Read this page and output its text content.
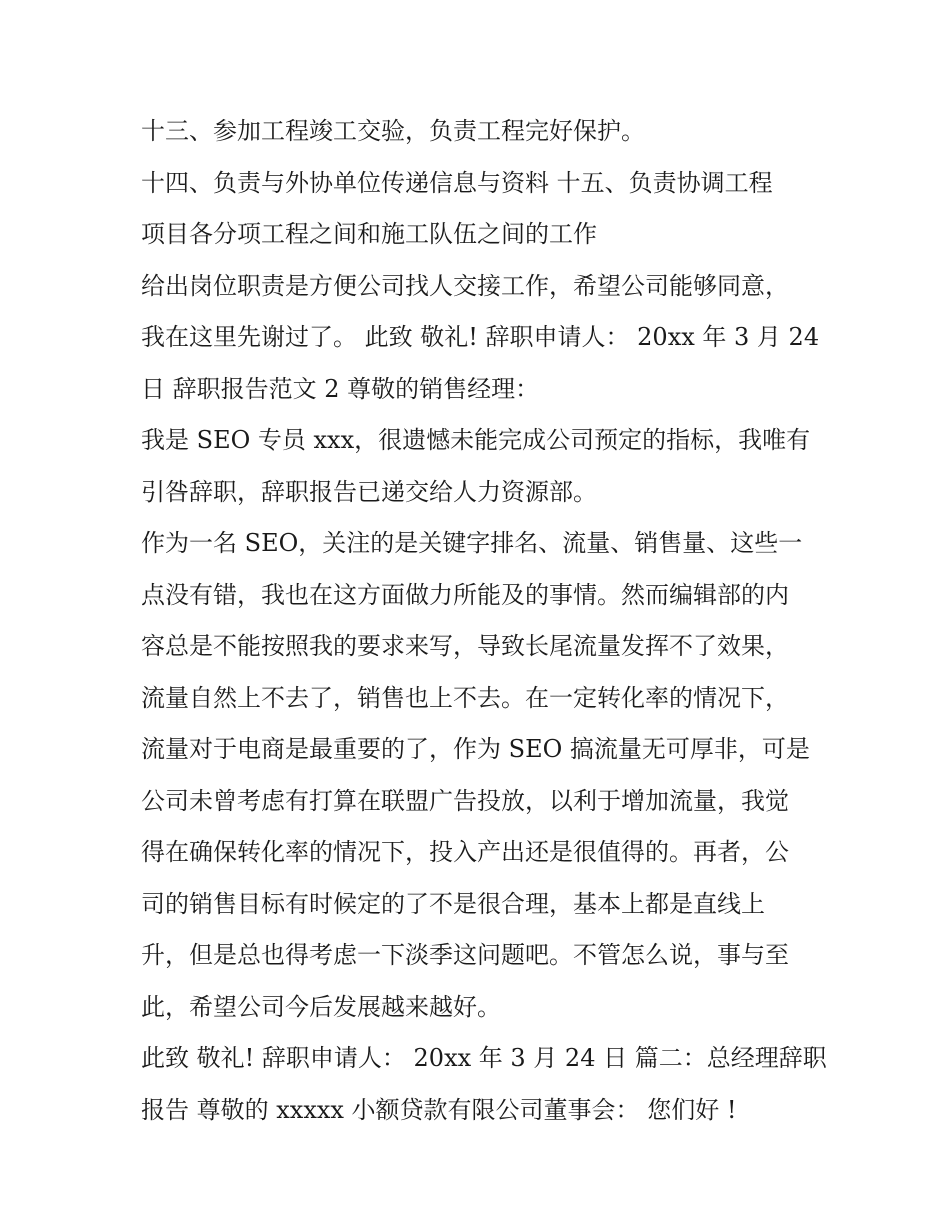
十三、参加工程竣工交验，负责工程完好保护。

十四、负责与外协单位传递信息与资料 十五、负责协调工程

项目各分项工程之间和施工队伍之间的工作

给出岗位职责是方便公司找人交接工作，希望公司能够同意，

我在这里先谢过了。 此致 敬礼! 辞职申请人： 20xx 年 3 月 24

日 辞职报告范文 2 尊敬的销售经理：

我是 SEO 专员 xxx，很遗憾未能完成公司预定的指标，我唯有

引咎辞职，辞职报告已递交给人力资源部。

作为一名 SEO，关注的是关键字排名、流量、销售量、这些一

点没有错，我也在这方面做力所能及的事情。然而编辑部的内

容总是不能按照我的要求来写，导致长尾流量发挥不了效果，

流量自然上不去了，销售也上不去。在一定转化率的情况下，

流量对于电商是最重要的了，作为 SEO 搞流量无可厚非，可是

公司未曾考虑有打算在联盟广告投放，以利于增加流量，我觉

得在确保转化率的情况下，投入产出还是很值得的。再者，公

司的销售目标有时候定的了不是很合理，基本上都是直线上

升，但是总也得考虑一下淡季这问题吧。不管怎么说，事与至

此，希望公司今后发展越来越好。

此致 敬礼! 辞职申请人： 20xx 年 3 月 24 日 篇二：总经理辞职

报告 尊敬的 xxxxx 小额贷款有限公司董事会： 您们好 !
